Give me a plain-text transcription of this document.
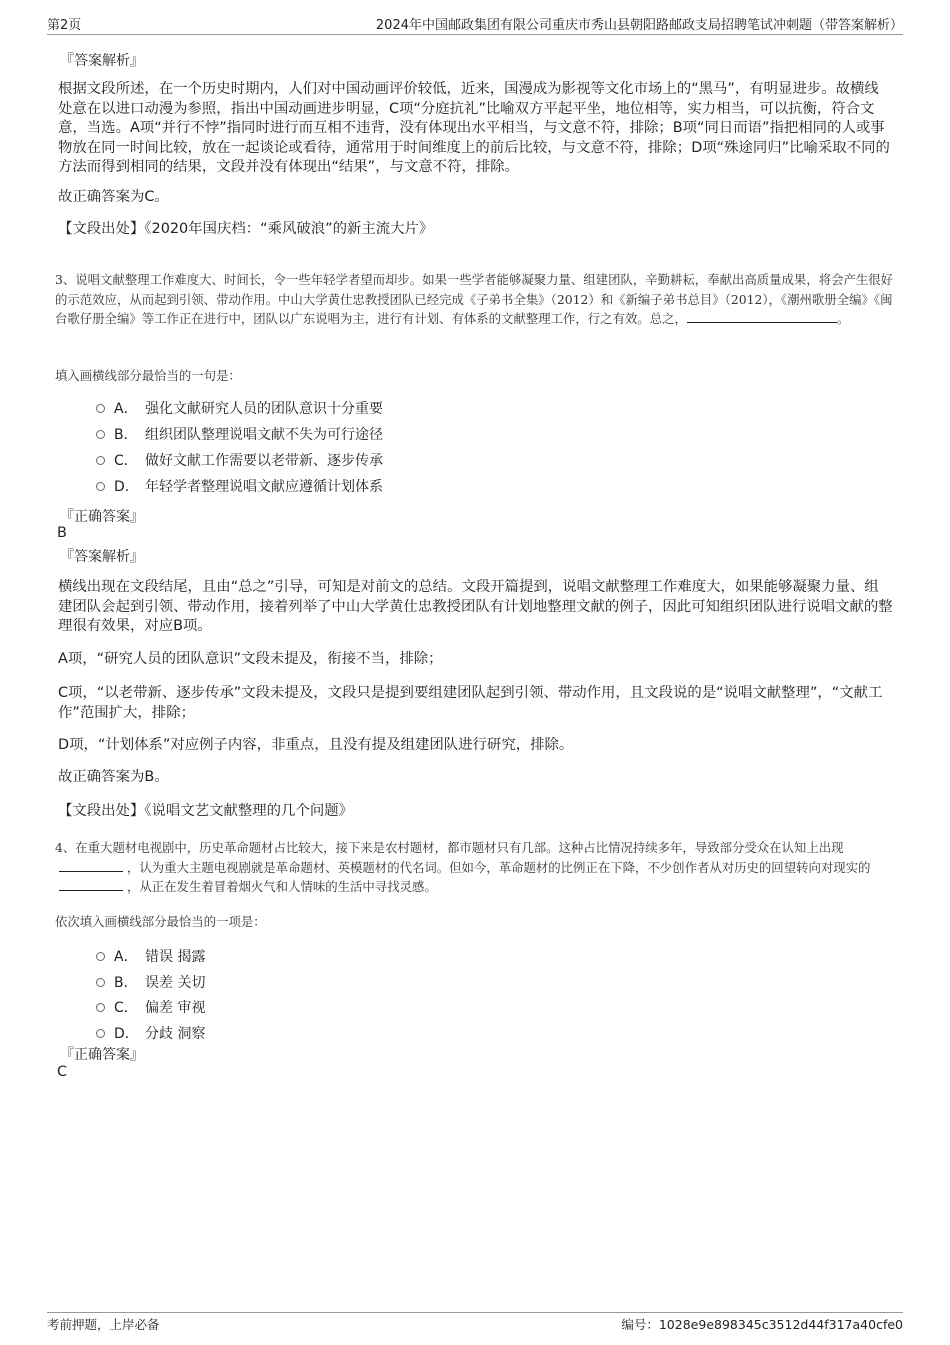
第2页	2024年中国邮政集团有限公司重庆市秀山县朝阳路邮政支局招聘笔试冲刺题（带答案解析）
『答案解析』
根据文段所述，在一个历史时期内，人们对中国动画评价较低，近来，国漫成为影视等文化市场上的“黑马”，有明显进步。故横线处意在以进口动漫为参照，指出中国动画进步明显，C项“分庭抗礼”比喻双方平起平坐，地位相等，实力相当，可以抗衡，符合文意，当选。A项“并行不悖”指同时进行而互相不违背，没有体现出水平相当，与文意不符，排除；B项“同日而语”指把相同的人或事物放在同一时间比较，放在一起谈论或看待，通常用于时间维度上的前后比较，与文意不符，排除；D项“殊途同归”比喻采取不同的方法而得到相同的结果，文段并没有体现出“结果”，与文意不符，排除。
故正确答案为C。
【文段出处】《2020年国庆档：“乘风破浪”的新主流大片》
3、说唱文献整理工作难度大、时间长，令一些年轻学者望而却步。如果一些学者能够凝聚力量、组建团队，辛勤耕耘，奉献出高质量成果，将会产生很好的示范效应，从而起到引领、带动作用。中山大学黄仕忠教授团队已经完成《子弟书全集》（2012）和《新编子弟书总目》（2012），《潮州歌册全编》《闽台歌仔册全编》等工作正在进行中，团队以广东说唱为主，进行有计划、有体系的文献整理工作，行之有效。总之，	。
填入画横线部分最恰当的一句是：
A． 强化文献研究人员的团队意识十分重要
B． 组织团队整理说唱文献不失为可行途径
C． 做好文献工作需要以老带新、逐步传承
D． 年轻学者整理说唱文献应遵循计划体系
『正确答案』
B
『答案解析』
横线出现在文段结尾，且由“总之”引导，可知是对前文的总结。文段开篇提到，说唱文献整理工作难度大，如果能够凝聚力量、组建团队会起到引领、带动作用，接着列举了中山大学黄仕忠教授团队有计划地整理文献的例子，因此可知组织团队进行说唱文献的整理很有效果，对应B项。
A项，“研究人员的团队意识”文段未提及，衔接不当，排除；
C项，“以老带新、逐步传承”文段未提及，文段只是提到要组建团队起到引领、带动作用，且文段说的是“说唱文献整理”，“文献工作”范围扩大，排除；
D项，“计划体系”对应例子内容，非重点，且没有提及组建团队进行研究，排除。
故正确答案为B。
【文段出处】《说唱文艺文献整理的几个问题》
4、在重大题材电视剧中，历史革命题材占比较大，接下来是农村题材，都市题材只有几部。这种占比情况持续多年，导致部分受众在认知上出现，认为重大主题电视剧就是革命题材、英模题材的代名词。但如今，革命题材的比例正在下降，不少创作者从对历史的回望转向对现实的，从正在发生着冒着烟火气和人情味的生活中寻找灵感。
依次填入画横线部分最恰当的一项是：
A． 错误 揭露
B． 误差 关切
C． 偏差 审视
D． 分歧 洞察
『正确答案』
C
考前押题，上岸必备	编号：1028e9e898345c3512d44f317a40cfe0
